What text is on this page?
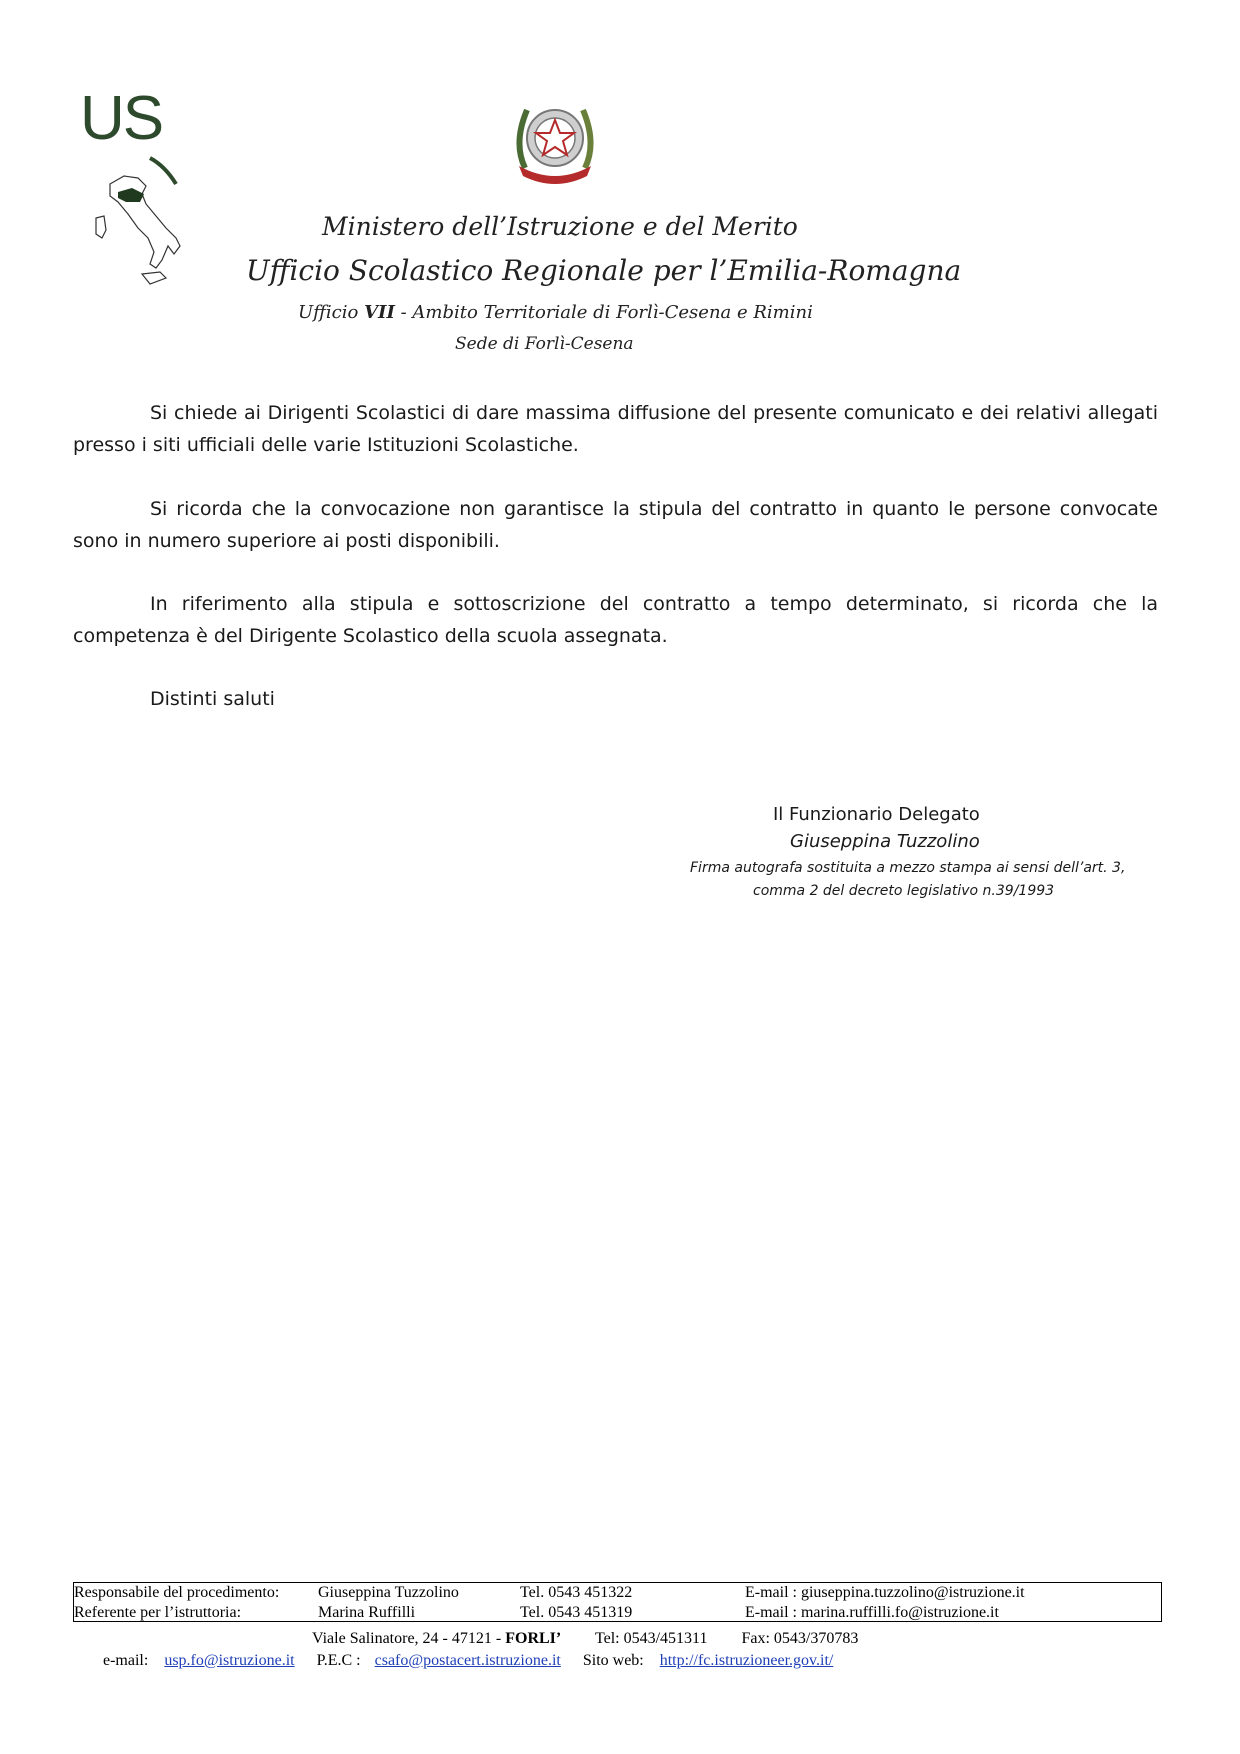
US
Ministero dell’Istruzione e del Merito
Ufficio Scolastico Regionale per l’Emilia-Romagna
Ufficio VII - Ambito Territoriale di Forlì-Cesena e Rimini
Sede di Forlì-Cesena
Si chiede ai Dirigenti Scolastici di dare massima diffusione del presente comunicato e dei relativi allegati presso i siti ufficiali delle varie Istituzioni Scolastiche.
Si ricorda che la convocazione non garantisce la stipula del contratto in quanto le persone convocate sono in numero superiore ai posti disponibili.
In riferimento alla stipula e sottoscrizione del contratto a tempo determinato, si ricorda che la competenza è del Dirigente Scolastico della scuola assegnata.
Distinti saluti
Il Funzionario Delegato
Giuseppina Tuzzolino
Firma autografa sostituita a mezzo stampa ai sensi dell’art. 3,
comma 2 del decreto legislativo n.39/1993
Responsabile del procedimento: Giuseppina Tuzzolino	Tel. 0543 451322	E-mail : giuseppina.tuzzolino@istruzione.it
Referente per l’istruttoria:	Marina Ruffilli	Tel. 0543 451319	E-mail : marina.ruffilli.fo@istruzione.it
Viale Salinatore, 24 - 47121 - FORLI’ Tel: 0543/451311 Fax: 0543/370783
e-mail: usp.fo@istruzione.it P.E.C : csafo@postacert.istruzione.it Sito web: http://fc.istruzioneer.gov.it/
